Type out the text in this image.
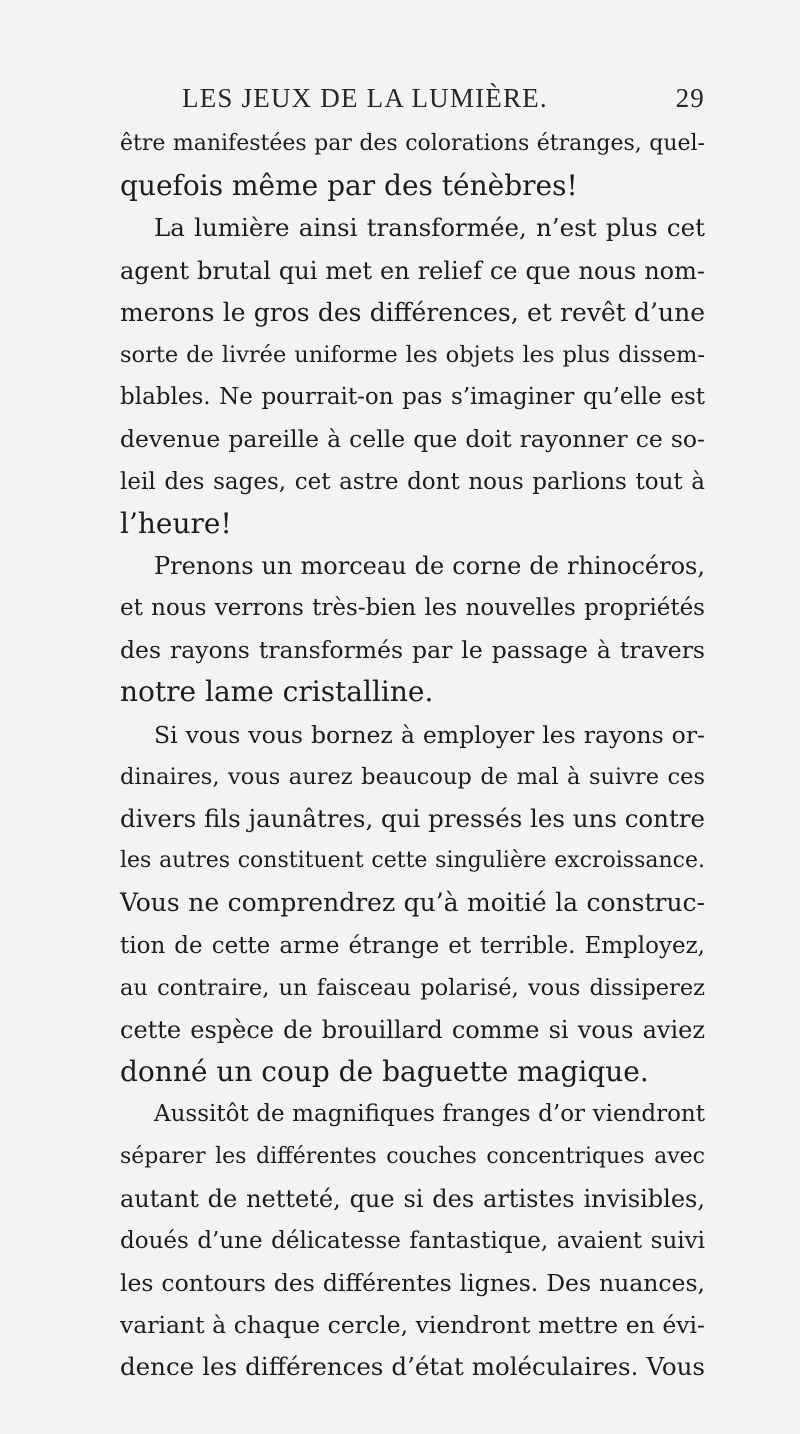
LES JEUX DE LA LUMIÈRE.	29
être manifestées par des colorations étranges, quel-
quefois même par des ténèbres!
La lumière ainsi transformée, n’est plus cet
agent brutal qui met en relief ce que nous nom-
merons le gros des différences, et revêt d’une
sorte de livrée uniforme les objets les plus dissem-
blables. Ne pourrait-on pas s’imaginer qu’elle est
devenue pareille à celle que doit rayonner ce so-
leil des sages, cet astre dont nous parlions tout à
l’heure!
Prenons un morceau de corne de rhinocéros,
et nous verrons très-bien les nouvelles propriétés
des rayons transformés par le passage à travers
notre lame cristalline.
Si vous vous bornez à employer les rayons or-
dinaires, vous aurez beaucoup de mal à suivre ces
divers fils jaunâtres, qui pressés les uns contre
les autres constituent cette singulière excroissance.
Vous ne comprendrez qu’à moitié la construc-
tion de cette arme étrange et terrible. Employez,
au contraire, un faisceau polarisé, vous dissiperez
cette espèce de brouillard comme si vous aviez
donné un coup de baguette magique.
Aussitôt de magnifiques franges d’or viendront
séparer les différentes couches concentriques avec
autant de netteté, que si des artistes invisibles,
doués d’une délicatesse fantastique, avaient suivi
les contours des différentes lignes. Des nuances,
variant à chaque cercle, viendront mettre en évi-
dence les différences d’état moléculaires. Vous
